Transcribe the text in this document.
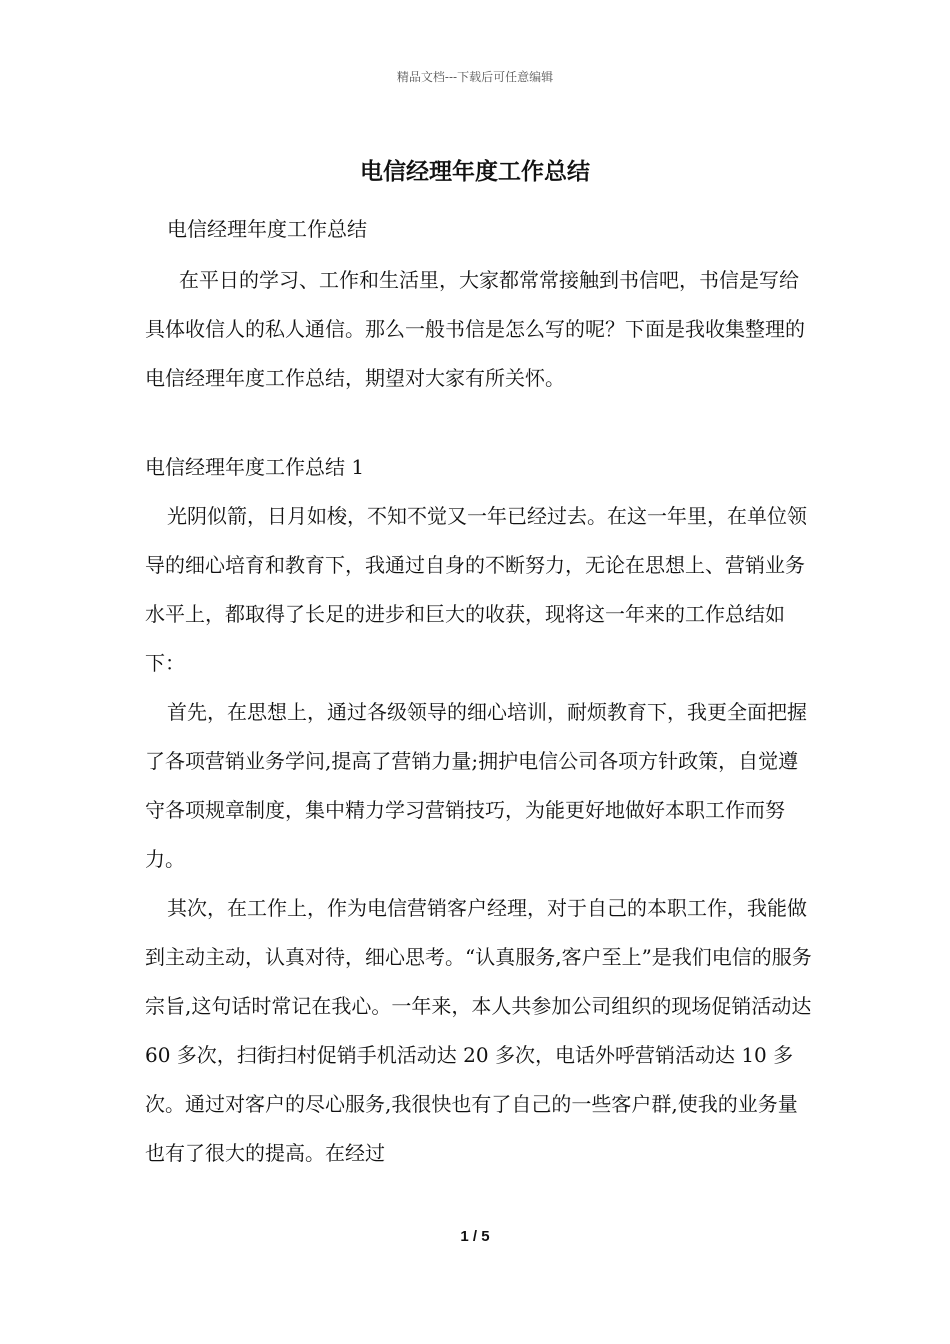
精品文档---下载后可任意编辑
电信经理年度工作总结

电信经理年度工作总结

在平日的学习、工作和生活里，大家都常常接触到书信吧，书信是写给具体收信人的私人通信。那么一般书信是怎么写的呢？下面是我收集整理的电信经理年度工作总结，期望对大家有所关怀。

电信经理年度工作总结 1

光阴似箭，日月如梭，不知不觉又一年已经过去。在这一年里，在单位领导的细心培育和教育下，我通过自身的不断努力，无论在思想上、营销业务水平上，都取得了长足的进步和巨大的收获，现将这一年来的工作总结如下：

首先，在思想上，通过各级领导的细心培训，耐烦教育下，我更全面把握了各项营销业务学问,提高了营销力量;拥护电信公司各项方针政策，自觉遵守各项规章制度，集中精力学习营销技巧，为能更好地做好本职工作而努力。

其次，在工作上，作为电信营销客户经理，对于自己的本职工作，我能做到主动主动，认真对待，细心思考。“认真服务,客户至上”是我们电信的服务宗旨,这句话时常记在我心。一年来，本人共参加公司组织的现场促销活动达 60 多次，扫街扫村促销手机活动达 20 多次，电话外呼营销活动达 10 多次。通过对客户的尽心服务,我很快也有了自己的一些客户群,使我的业务量也有了很大的提高。在经过

1 / 5
